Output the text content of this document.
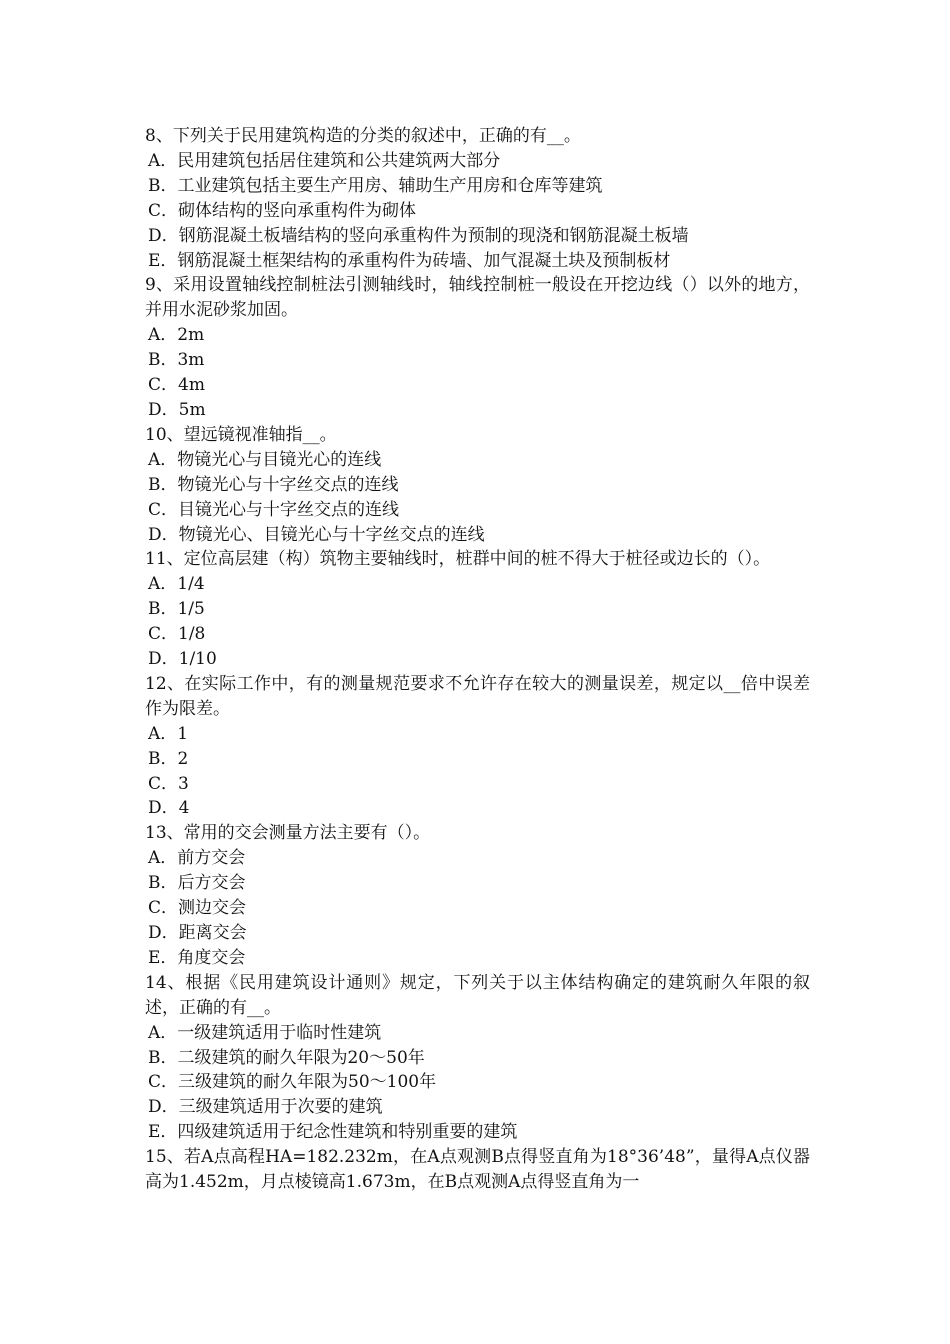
8、下列关于民用建筑构造的分类的叙述中，正确的有__。
A．民用建筑包括居住建筑和公共建筑两大部分
B．工业建筑包括主要生产用房、辅助生产用房和仓库等建筑
C．砌体结构的竖向承重构件为砌体
D．钢筋混凝土板墙结构的竖向承重构件为预制的现浇和钢筋混凝土板墙
E．钢筋混凝土框架结构的承重构件为砖墙、加气混凝土块及预制板材
9、采用设置轴线控制桩法引测轴线时，轴线控制桩一般设在开挖边线（）以外的地方，并用水泥砂浆加固。
A．2m
B．3m
C．4m
D．5m
10、望远镜视准轴指__。
A．物镜光心与目镜光心的连线
B．物镜光心与十字丝交点的连线
C．目镜光心与十字丝交点的连线
D．物镜光心、目镜光心与十字丝交点的连线
11、定位高层建（构）筑物主要轴线时，桩群中间的桩不得大于桩径或边长的（）。
A．1/4
B．1/5
C．1/8
D．1/10
12、在实际工作中，有的测量规范要求不允许存在较大的测量误差，规定以__倍中误差作为限差。
A．1
B．2
C．3
D．4
13、常用的交会测量方法主要有（）。
A．前方交会
B．后方交会
C．测边交会
D．距离交会
E．角度交会
14、根据《民用建筑设计通则》规定，下列关于以主体结构确定的建筑耐久年限的叙述，正确的有__。
A．一级建筑适用于临时性建筑
B．二级建筑的耐久年限为20～50年
C．三级建筑的耐久年限为50～100年
D．三级建筑适用于次要的建筑
E．四级建筑适用于纪念性建筑和特别重要的建筑
15、若A点高程HA=182.232m，在A点观测B点得竖直角为18°36’48”，量得A点仪器高为1.452m，月点棱镜高1.673m，在B点观测A点得竖直角为一
